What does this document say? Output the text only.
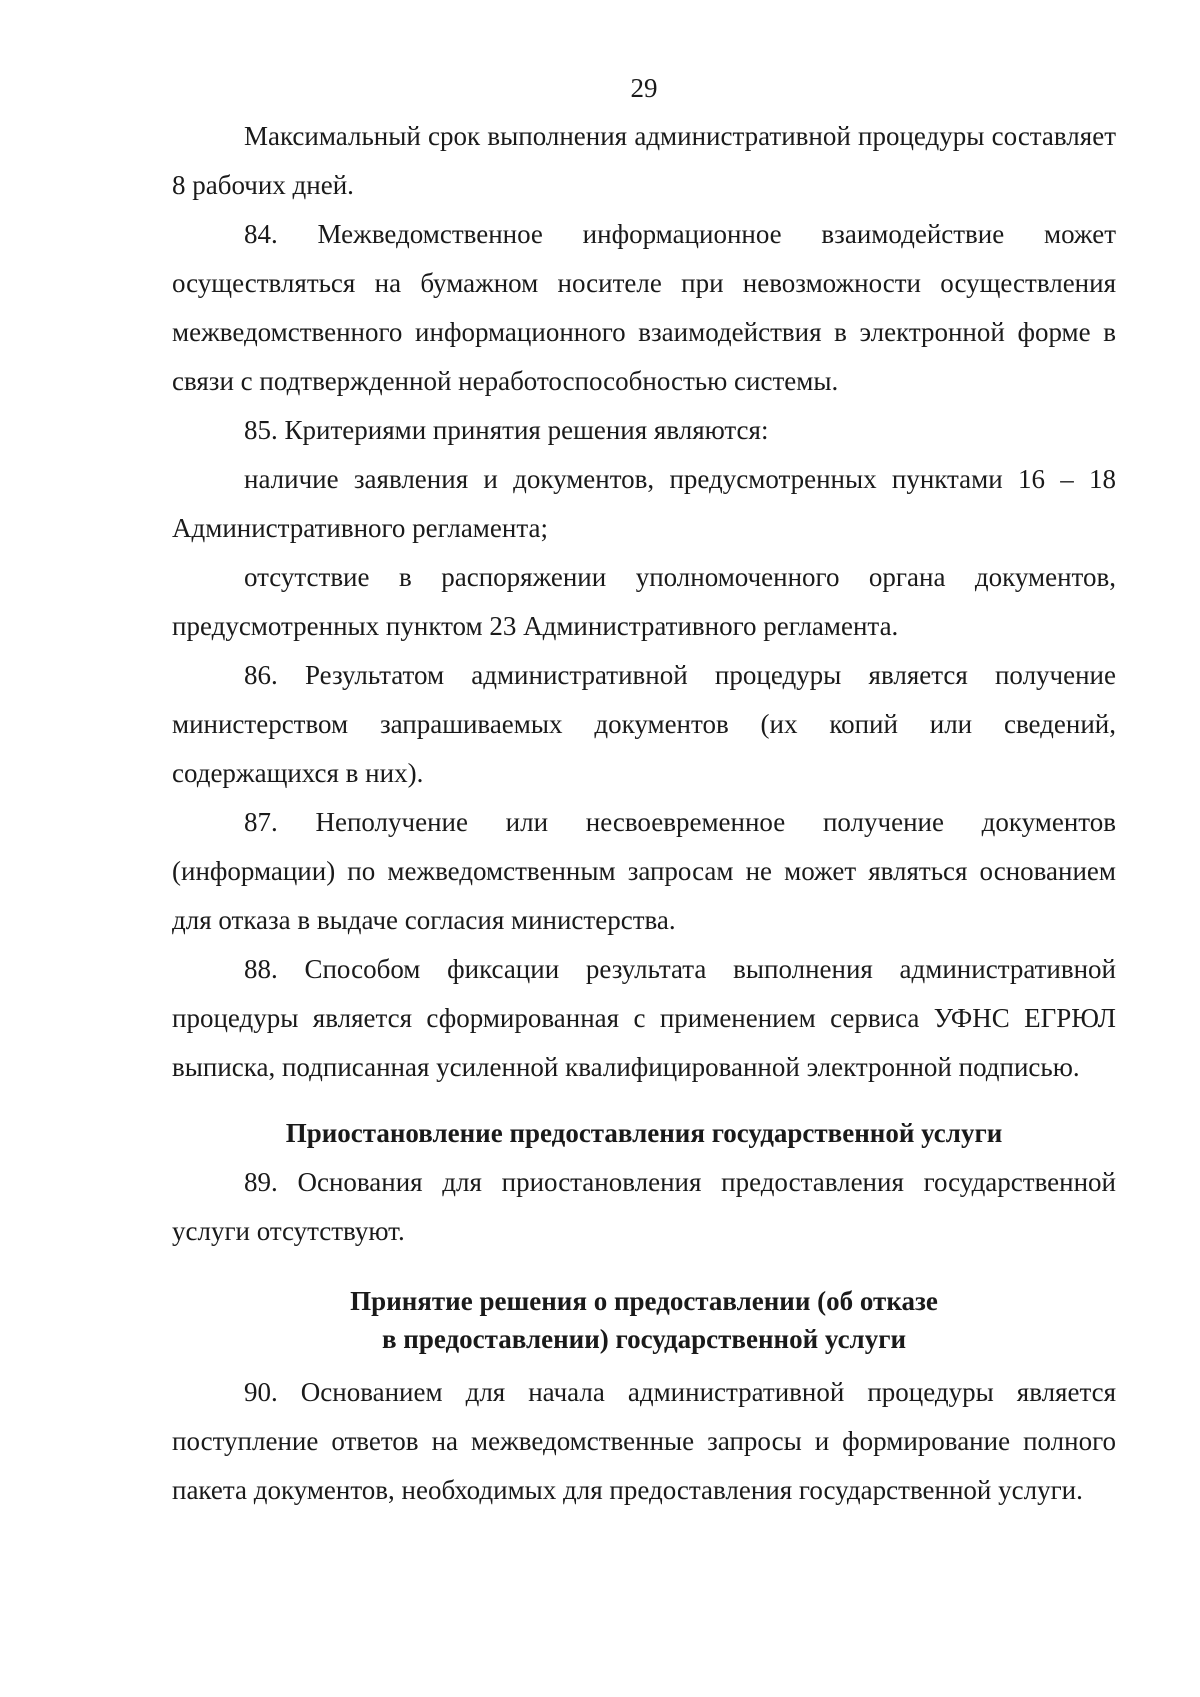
29

Максимальный срок выполнения административной процедуры составляет 8 рабочих дней.

84. Межведомственное информационное взаимодействие может осуществляться на бумажном носителе при невозможности осуществления межведомственного информационного взаимодействия в электронной форме в связи с подтвержденной неработоспособностью системы.

85. Критериями принятия решения являются:

наличие заявления и документов, предусмотренных пунктами 16 – 18 Административного регламента;

отсутствие в распоряжении уполномоченного органа документов, предусмотренных пунктом 23 Административного регламента.

86. Результатом административной процедуры является получение министерством запрашиваемых документов (их копий или сведений, содержащихся в них).

87. Неполучение или несвоевременное получение документов (информации) по межведомственным запросам не может являться основанием для отказа в выдаче согласия министерства.

88. Способом фиксации результата выполнения административной процедуры является сформированная с применением сервиса УФНС ЕГРЮЛ выписка, подписанная усиленной квалифицированной электронной подписью.

Приостановление предоставления государственной услуги

89. Основания для приостановления предоставления государственной услуги отсутствуют.

Принятие решения о предоставлении (об отказе
в предоставлении) государственной услуги

90. Основанием для начала административной процедуры является поступление ответов на межведомственные запросы и формирование полного пакета документов, необходимых для предоставления государственной услуги.
